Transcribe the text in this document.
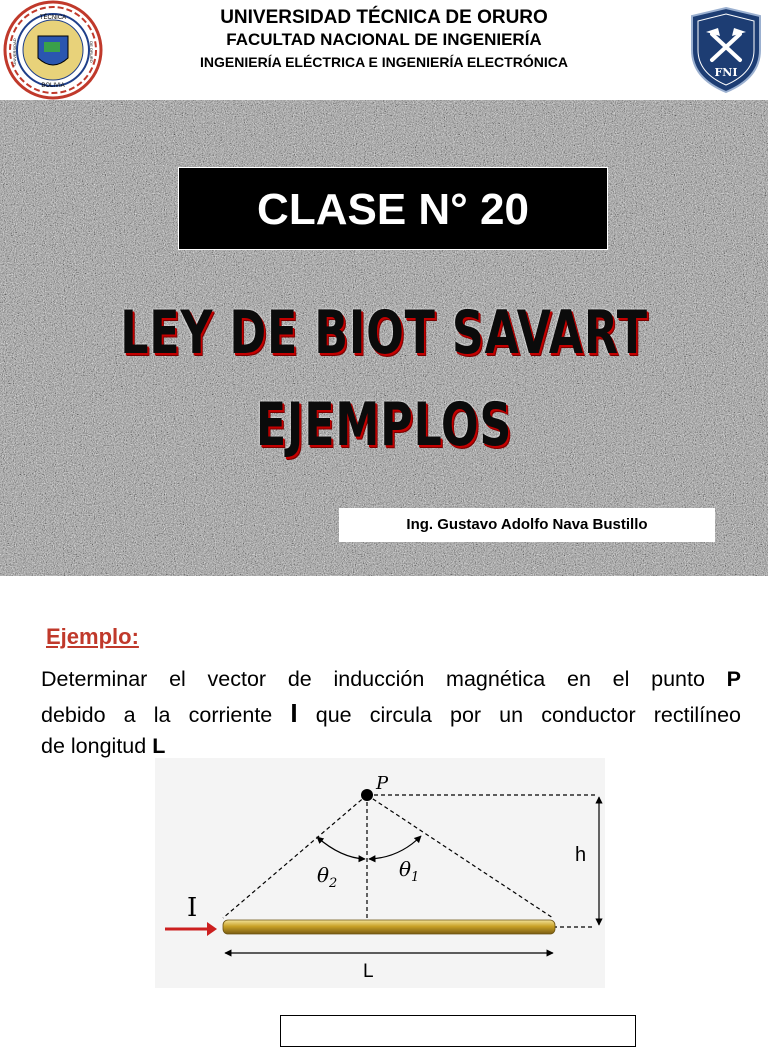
TÉCNICA
BOLIVIA
UNIVERSIDAD	DE ORURO
UNIVERSIDAD TÉCNICA DE ORURO
FACULTAD NACIONAL DE INGENIERÍA
INGENIERÍA ELÉCTRICA E INGENIERÍA ELECTRÓNICA
FNI
CLASE N° 20
LEY DE BIOT SAVART
EJEMPLOS
Ing. Gustavo Adolfo Nava Bustillo
Ejemplo:
Determinar el vector de inducción magnética en el punto P
debido a la corriente I que circula por un conductor rectilíneo
de longitud L
P
$\theta_2$
$\theta_1$
h
I
L
